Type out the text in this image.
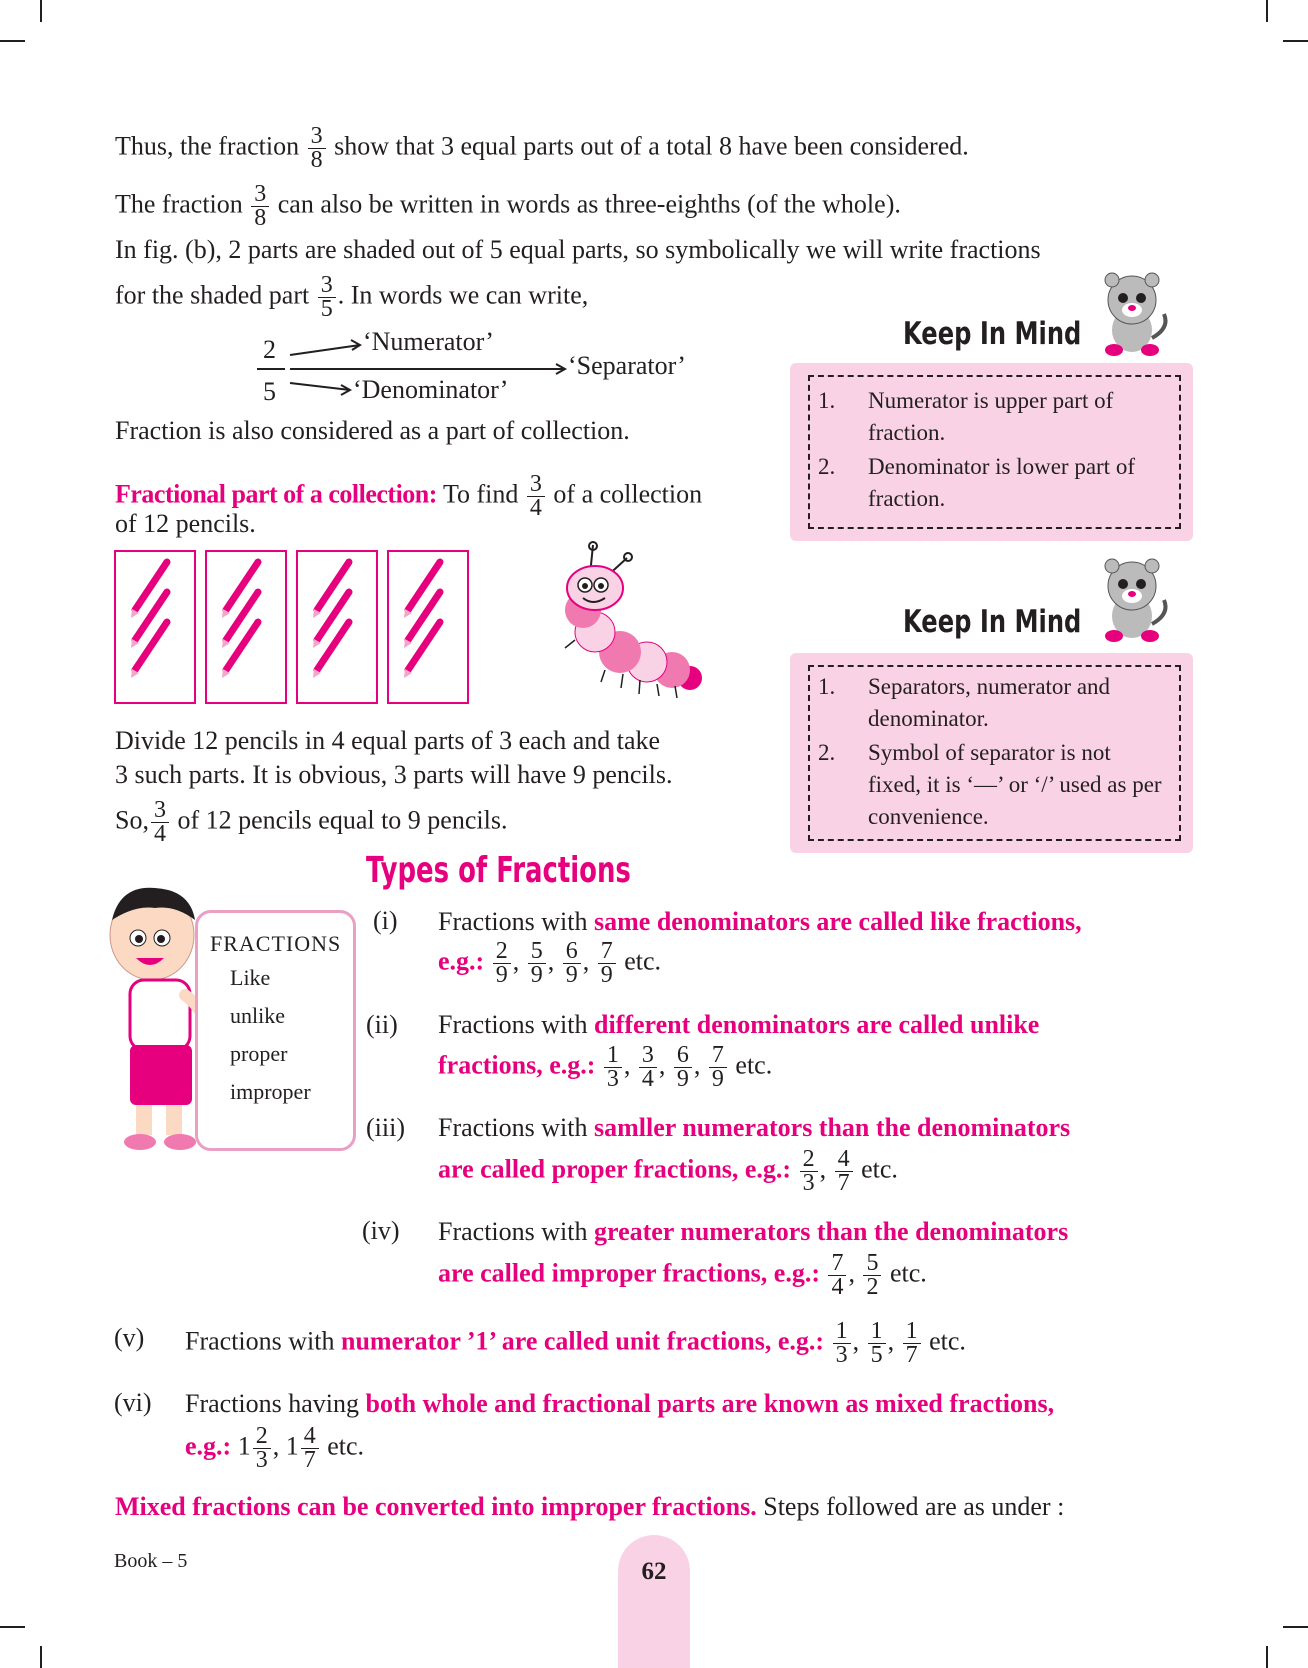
Thus, the fraction $\frac{3}{8}$ show that 3 equal parts out of a total 8 have been considered.
The fraction $\frac{3}{8}$ can also be written in words as three-eighths (of the whole).
In fig. (b), 2 parts are shaded out of 5 equal parts, so symbolically we will write fractions
for the shaded part $\frac{3}{5}$ . In words we can write,
2
5
‘Numerator’
‘Separator’
‘Denominator’
Fraction is also considered as a part of collection.
Fractional part of a collection: To find $\frac{3}{4}$ of a collection
of 12 pencils.
Keep In Mind
1.	Numerator is upper part of fraction.
2.	Denominator is lower part of fraction.
Keep In Mind
1.	Separators, numerator and denominator.
2.	Symbol of separator is not fixed, it is ‘—’ or ‘/’ used as per convenience.
Divide 12 pencils in 4 equal parts of 3 each and take
3 such parts. It is obvious, 3 parts will have 9 pencils.
So, $\frac{3}{4}$ of 12 pencils equal to 9 pencils.
Types of Fractions
FRACTIONS
Like
unlike
proper
improper
(i) Fractions with same denominators are called like fractions,
e.g.: $\frac{2}{9}$ , $\frac{5}{9}$ , $\frac{6}{9}$ , $\frac{7}{9}$ etc.
(ii) Fractions with different denominators are called unlike
fractions, e.g.: $\frac{1}{3}$ , $\frac{3}{4}$ , $\frac{6}{9}$ , $\frac{7}{9}$ etc.
(iii) Fractions with samller numerators than the denominators
are called proper fractions, e.g.: $\frac{2}{3}$ , $\frac{4}{7}$ etc.
(iv) Fractions with greater numerators than the denominators
are called improper fractions, e.g.: $\frac{7}{4}$ , $\frac{5}{2}$ etc.
(v) Fractions with numerator ’1’ are called unit fractions, e.g.: $\frac{1}{3}$ , $\frac{1}{5}$ , $\frac{1}{7}$ etc.
(vi) Fractions having both whole and fractional parts are known as mixed fractions,
e.g.: $1 \frac{2}{3}$ , $1 \frac{4}{7}$ etc.
Mixed fractions can be converted into improper fractions. Steps followed are as under :
Book – 5	62
